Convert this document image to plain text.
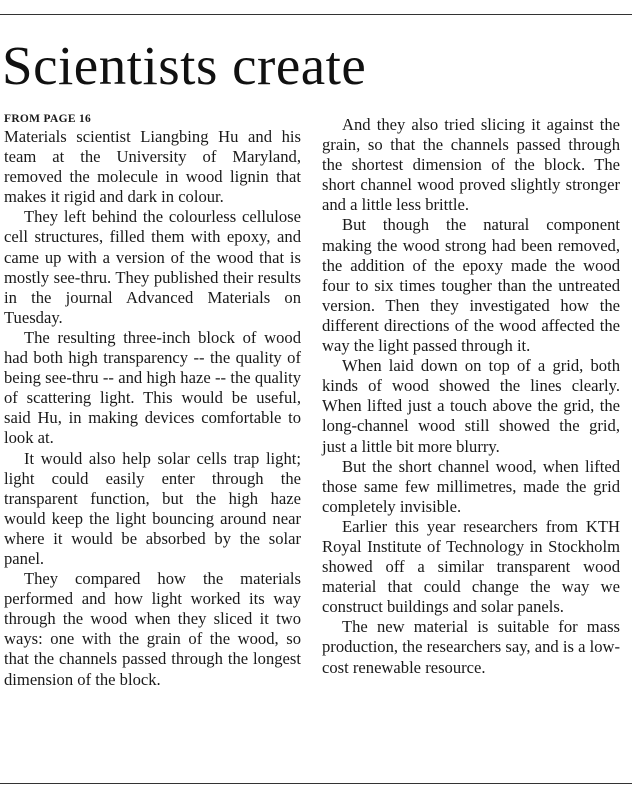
Scientists create
FROM PAGE 16

Materials scientist Liangbing Hu and his team at the University of Maryland, removed the molecule in wood lignin that makes it rigid and dark in colour.

They left behind the colourless cellulose cell structures, filled them with epoxy, and came up with a version of the wood that is mostly see-thru. They published their results in the journal Advanced Materials on Tuesday.

The resulting three-inch block of wood had both high transparency -- the quality of being see-thru -- and high haze -- the quality of scattering light. This would be useful, said Hu, in making devices comfortable to look at.

It would also help solar cells trap light; light could easily enter through the transparent function, but the high haze would keep the light bouncing around near where it would be absorbed by the solar panel.

They compared how the materials performed and how light worked its way through the wood when they sliced it two ways: one with the grain of the wood, so that the channels passed through the longest dimension of the block.

And they also tried slicing it against the grain, so that the channels passed through the shortest dimension of the block. The short channel wood proved slightly stronger and a little less brittle.

But though the natural component making the wood strong had been removed, the addition of the epoxy made the wood four to six times tougher than the untreated version. Then they investigated how the different directions of the wood affected the way the light passed through it.

When laid down on top of a grid, both kinds of wood showed the lines clearly. When lifted just a touch above the grid, the long-channel wood still showed the grid, just a little bit more blurry.

But the short channel wood, when lifted those same few millimetres, made the grid completely invisible.

Earlier this year researchers from KTH Royal Institute of Technology in Stockholm showed off a similar transparent wood material that could change the way we construct buildings and solar panels.

The new material is suitable for mass production, the researchers say, and is a low-cost renewable resource.
